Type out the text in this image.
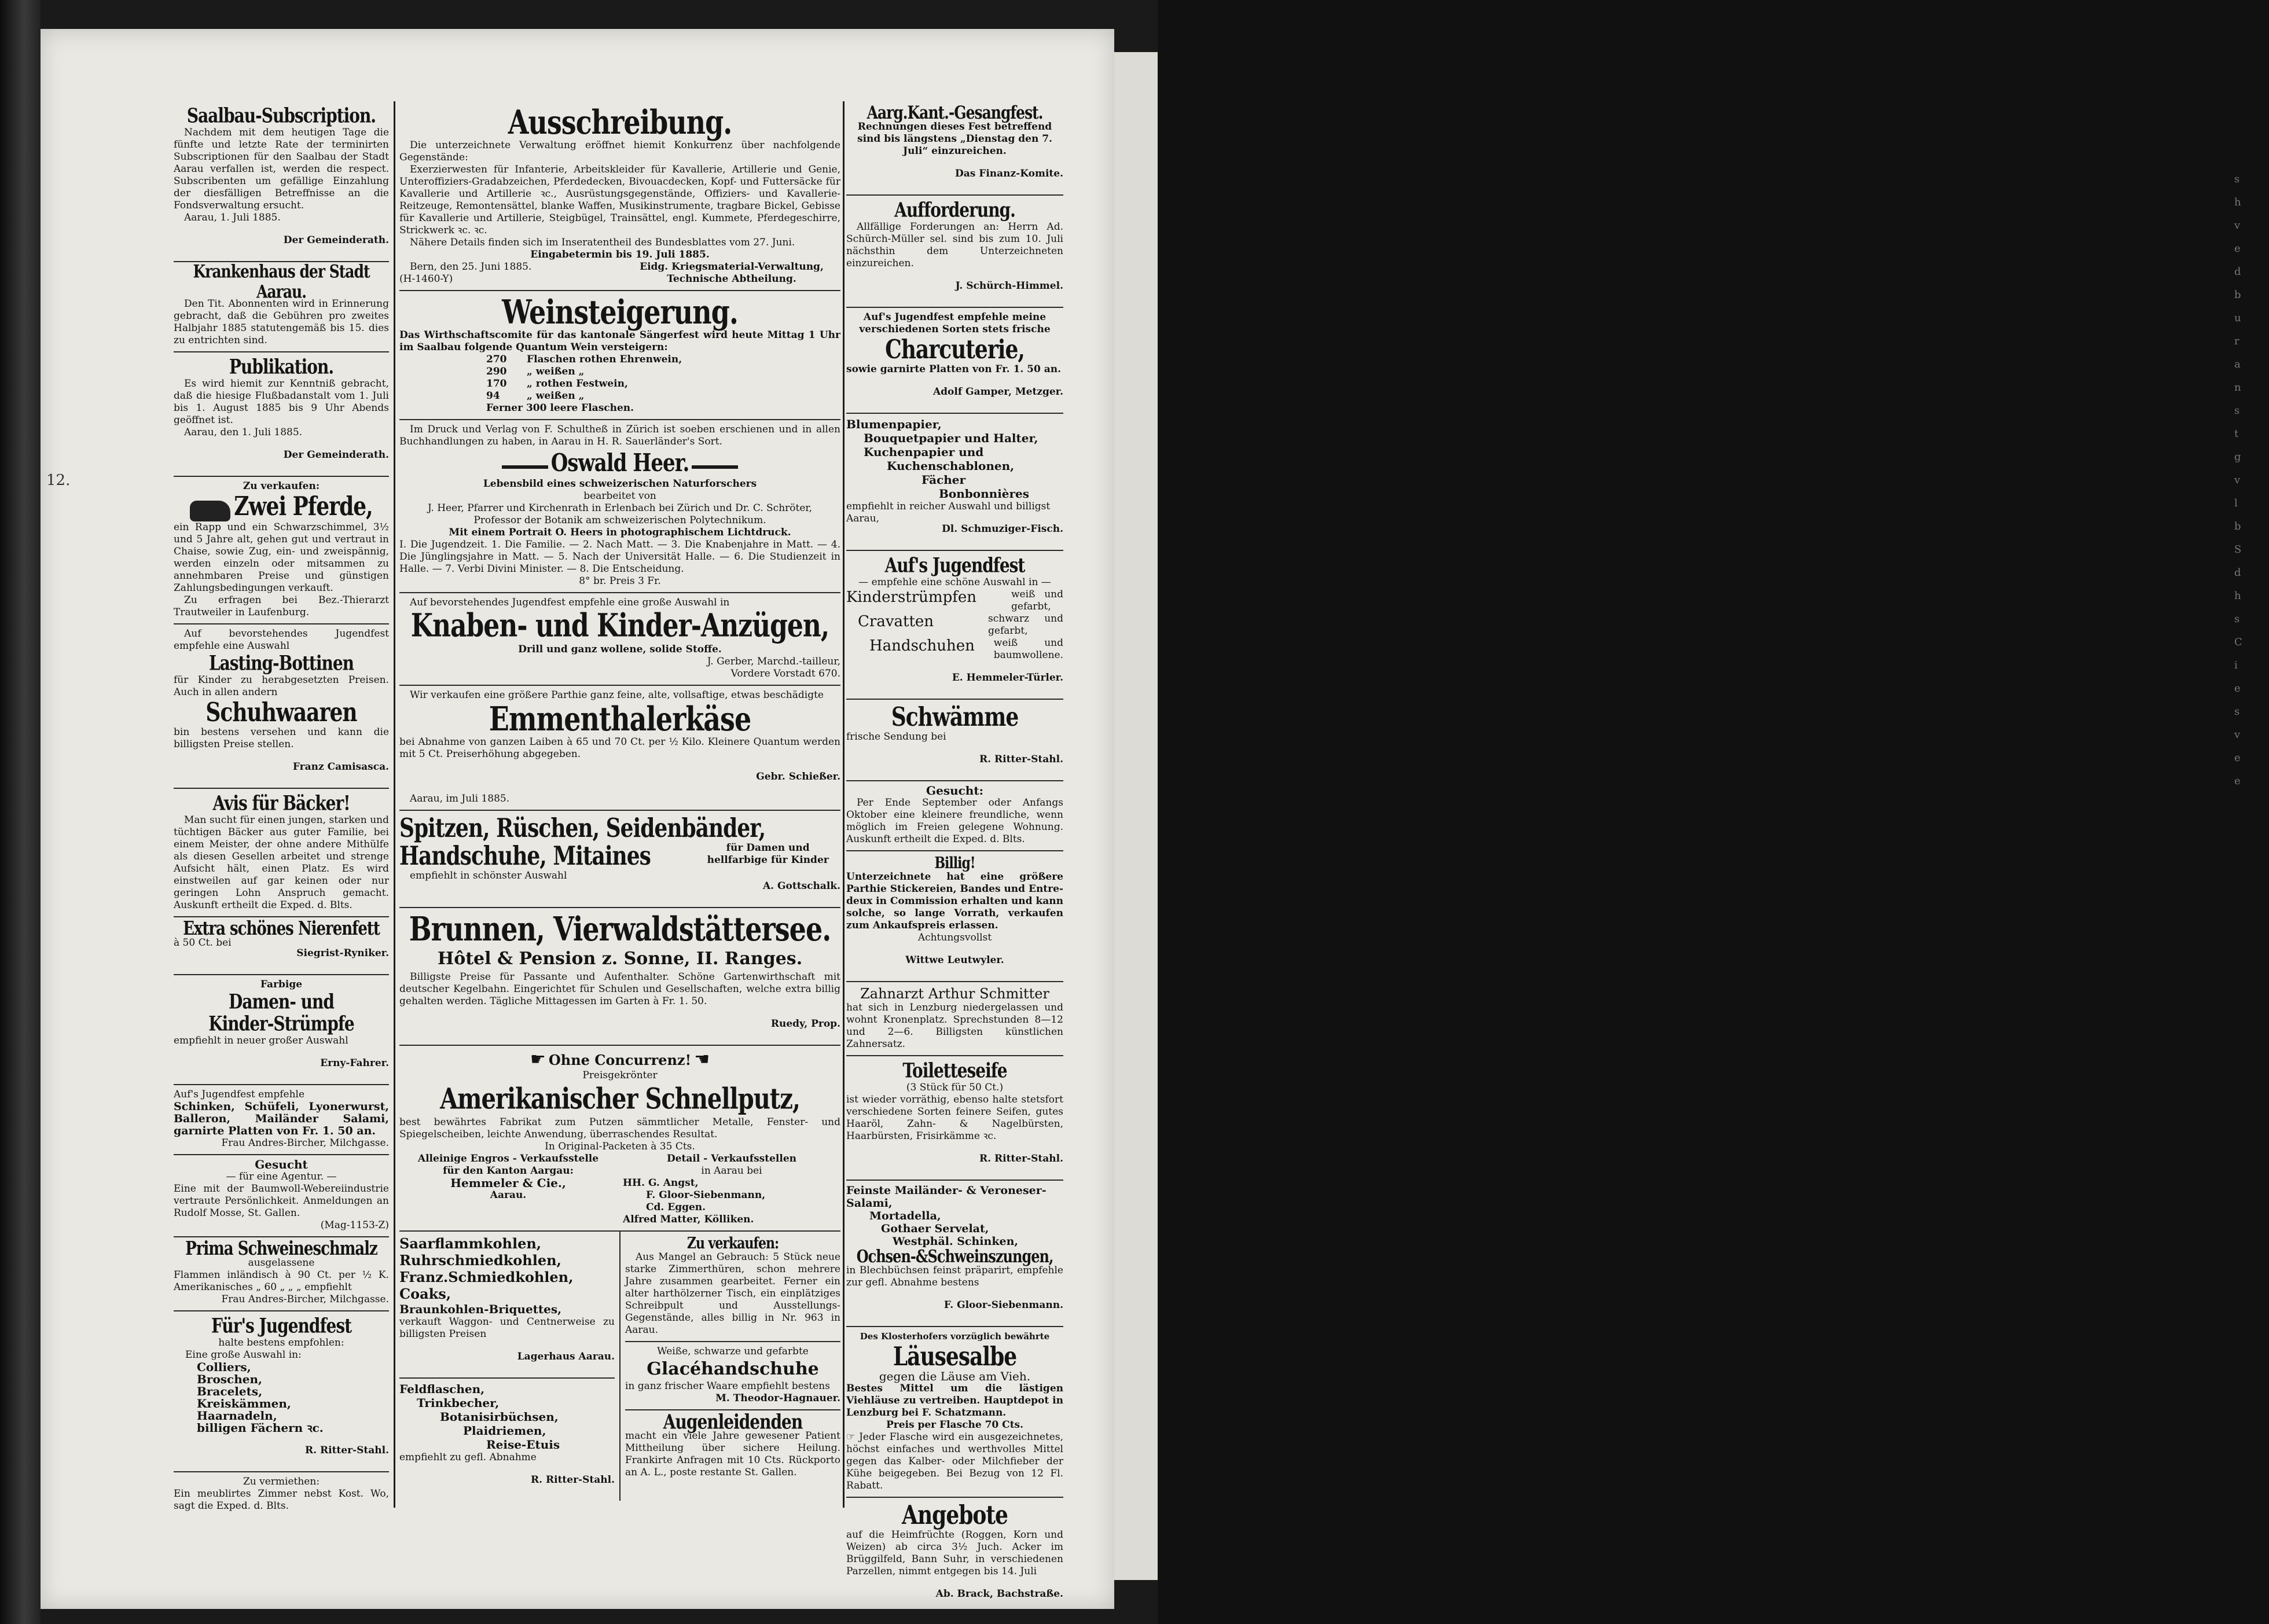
s
h
v
e
d
b
u
r
a
n
s
t
g
v
l
b
S
d
h
s
C
i
e
s
v
e
e
12.
Saalbau-Subscription.

Nachdem mit dem heutigen Tage die fünfte und letzte Rate der terminirten Subscriptionen für den Saalbau der Stadt Aarau verfallen ist, werden die respect. Subscribenten um gefällige Einzahlung der diesfälligen Betreffnisse an die Fondsverwaltung ersucht.

Aarau, 1. Juli 1885.

Der Gemeinderath.

Krankenhaus der Stadt Aarau.

Den Tit. Abonnenten wird in Erinnerung gebracht, daß die Gebühren pro zweites Halbjahr 1885 statutengemäß bis 15. dies zu entrichten sind.

Publikation.

Es wird hiemit zur Kenntniß gebracht, daß die hiesige Flußbadanstalt vom 1. Juli bis 1. August 1885 bis 9 Uhr Abends geöffnet ist.

Aarau, den 1. Juli 1885.

Der Gemeinderath.

Zu verkaufen:

Zwei Pferde,

ein Rapp und ein Schwarzschimmel, 3½ und 5 Jahre alt, gehen gut und vertraut in Chaise, sowie Zug, ein- und zweispännig, werden einzeln oder mitsammen zu annehmbaren Preise und günstigen Zahlungsbedingungen verkauft.

Zu erfragen bei Bez.-Thierarzt Trautweiler in Laufenburg.

Auf bevorstehendes Jugendfest empfehle eine Auswahl

Lasting-Bottinen

für Kinder zu herabgesetzten Preisen. Auch in allen andern

Schuhwaaren

bin bestens versehen und kann die billigsten Preise stellen.

Franz Camisasca.

Avis für Bäcker!

Man sucht für einen jungen, starken und tüchtigen Bäcker aus guter Familie, bei einem Meister, der ohne andere Mithülfe als diesen Gesellen arbeitet und strenge Aufsicht hält, einen Platz. Es wird einstweilen auf gar keinen oder nur geringen Lohn Anspruch gemacht. Auskunft ertheilt die Exped. d. Blts.

Extra schönes Nierenfett

à 50 Ct. bei

Siegrist-Ryniker.

Farbige

Damen- und
Kinder-Strümpfe

empfiehlt in neuer großer Auswahl

Erny-Fahrer.

Auf's Jugendfest empfehle

Schinken, Schüfeli, Lyonerwurst, Balleron, Mailänder Salami, garnirte Platten von Fr. 1. 50 an.

Frau Andres-Bircher, Milchgasse.

Gesucht

— für eine Agentur. —

Eine mit der Baumwoll-Webereiindustrie vertraute Persönlichkeit. Anmeldungen an Rudolf Mosse, St. Gallen.

(Mag-1153-Z)

Prima Schweineschmalz

ausgelassene

Flammen inländisch à 90 Ct. per ½ K. Amerikanisches „ 60 „ „ „ empfiehlt

Frau Andres-Bircher, Milchgasse.

Für's Jugendfest

halte bestens empfohlen:

Eine große Auswahl in:

Colliers,

Broschen,

Bracelets,

Kreiskämmen,

Haarnadeln,

billigen Fächern ꝛc.

R. Ritter-Stahl.

Zu vermiethen:

Ein meublirtes Zimmer nebst Kost. Wo, sagt die Exped. d. Blts.

Ausschreibung.

Die unterzeichnete Verwaltung eröffnet hiemit Konkurrenz über nachfolgende Gegenstände:

Exerzierwesten für Infanterie, Arbeitskleider für Kavallerie, Artillerie und Genie, Unteroffiziers-Gradabzeichen, Pferdedecken, Bivouacdecken, Kopf- und Futtersäcke für Kavallerie und Artillerie ꝛc., Ausrüstungsgegenstände, Offiziers- und Kavallerie-Reitzeuge, Remontensättel, blanke Waffen, Musikinstrumente, tragbare Bickel, Gebisse für Kavallerie und Artillerie, Steigbügel, Trainsättel, engl. Kummete, Pferdegeschirre, Strickwerk ꝛc. ꝛc.

Nähere Details finden sich im Inseratentheil des Bundesblattes vom 27. Juni.

Eingabetermin bis 19. Juli 1885.

Bern, den 25. Juni 1885.

(H-1460-Y)

Eidg. Kriegsmaterial-Verwaltung,

Technische Abtheilung.

Weinsteigerung.

Das Wirthschaftscomite für das kantonale Sängerfest wird heute Mittag 1 Uhr im Saalbau folgende Quantum Wein versteigern:

270	Flaschen rothen Ehrenwein,

290	„ weißen „

170	„ rothen Festwein,

94	„ weißen „

Ferner 300 leere Flaschen.

Im Druck und Verlag von F. Schultheß in Zürich ist soeben erschienen und in allen Buchhandlungen zu haben, in Aarau in H. R. Sauerländer's Sort.

Oswald Heer.

Lebensbild eines schweizerischen Naturforschers

bearbeitet von

J. Heer, Pfarrer und Kirchenrath in Erlenbach bei Zürich und Dr. C. Schröter,

Professor der Botanik am schweizerischen Polytechnikum.

Mit einem Portrait O. Heers in photographischem Lichtdruck.

I. Die Jugendzeit. 1. Die Familie. — 2. Nach Matt. — 3. Die Knabenjahre in Matt. — 4. Die Jünglingsjahre in Matt. — 5. Nach der Universität Halle. — 6. Die Studienzeit in Halle. — 7. Verbi Divini Minister. — 8. Die Entscheidung.

8° br. Preis 3 Fr.

Auf bevorstehendes Jugendfest empfehle eine große Auswahl in

Knaben- und Kinder-Anzügen,

Drill und ganz wollene, solide Stoffe.

J. Gerber, Marchd.-tailleur,

Vordere Vorstadt 670.

Wir verkaufen eine größere Parthie ganz feine, alte, vollsaftige, etwas beschädigte

Emmenthalerkäse

bei Abnahme von ganzen Laiben à 65 und 70 Ct. per ½ Kilo. Kleinere Quantum werden mit 5 Ct. Preiserhöhung abgegeben.

Gebr. Schießer.

Aarau, im Juli 1885.

Spitzen, Rüschen, Seidenbänder,
Handschuhe, Mitaines	für Damen und hellfarbige für Kinder

empfiehlt in schönster Auswahl

A. Gottschalk.

Brunnen, Vierwaldstättersee.

Hôtel & Pension z. Sonne, II. Ranges.

Billigste Preise für Passante und Aufenthalter. Schöne Gartenwirthschaft mit deutscher Kegelbahn. Eingerichtet für Schulen und Gesellschaften, welche extra billig gehalten werden. Tägliche Mittagessen im Garten à Fr. 1. 50.

Ruedy, Prop.

☛ Ohne Concurrenz! ☚

Preisgekrönter

Amerikanischer Schnellputz,

best bewährtes Fabrikat zum Putzen sämmtlicher Metalle, Fenster- und Spiegelscheiben, leichte Anwendung, überraschendes Resultat.

In Original-Packeten à 35 Cts.

Alleinige Engros - Verkaufsstelle

für den Kanton Aargau:

Hemmeler & Cie.,

Aarau.

Detail - Verkaufsstellen

in Aarau bei

HH. G. Angst,

F. Gloor-Siebenmann,

Cd. Eggen.

Alfred Matter, Kölliken.

Saarflammkohlen,

Ruhrschmiedkohlen,

Franz.Schmiedkohlen,

Coaks,

Braunkohlen-Briquettes,

verkauft Waggon- und Centnerweise zu billigsten Preisen

Lagerhaus Aarau.

Feldflaschen,

Trinkbecher,

Botanisirbüchsen,

Plaidriemen,

Reise-Etuis

empfiehlt zu gefl. Abnahme

R. Ritter-Stahl.

Zu verkaufen:

Aus Mangel an Gebrauch: 5 Stück neue starke Zimmerthüren, schon mehrere Jahre zusammen gearbeitet. Ferner ein alter harthölzerner Tisch, ein einplätziges Schreibpult und Ausstellungs-Gegenstände, alles billig in Nr. 963 in Aarau.

Weiße, schwarze und gefarbte

Glacéhandschuhe

in ganz frischer Waare empfiehlt bestens

M. Theodor-Hagnauer.

Augenleidenden

macht ein viele Jahre gewesener Patient Mittheilung über sichere Heilung. Frankirte Anfragen mit 10 Cts. Rückporto an A. L., poste restante St. Gallen.

Aarg.Kant.-Gesangfest.

Rechnungen dieses Fest betreffend sind bis längstens „Dienstag den 7. Juli“ einzureichen.

Das Finanz-Komite.

Aufforderung.

Allfällige Forderungen an: Herrn Ad. Schürch-Müller sel. sind bis zum 10. Juli nächsthin dem Unterzeichneten einzureichen.

J. Schürch-Himmel.

Auf's Jugendfest empfehle meine verschiedenen Sorten stets frische

Charcuterie,

sowie garnirte Platten von Fr. 1. 50 an.

Adolf Gamper, Metzger.

Blumenpapier,

Bouquetpapier und Halter,

Kuchenpapier und

Kuchenschablonen,

Fächer

Bonbonnières

empfiehlt in reicher Auswahl und billigst

Aarau,

Dl. Schmuziger-Fisch.

Auf's Jugendfest

— empfehle eine schöne Auswahl in —

Kinderstrümpfen	weiß und gefarbt,

Cravatten	schwarz und gefarbt,

Handschuhen weiß und baumwollene.

E. Hemmeler-Türler.

Schwämme

frische Sendung bei

R. Ritter-Stahl.

Gesucht:

Per Ende September oder Anfangs Oktober eine kleinere freundliche, wenn möglich im Freien gelegene Wohnung. Auskunft ertheilt die Exped. d. Blts.

Billig!

Unterzeichnete hat eine größere Parthie Stickereien, Bandes und Entre-deux in Commission erhalten und kann solche, so lange Vorrath, verkaufen zum Ankaufspreis erlassen.

Achtungsvollst

Wittwe Leutwyler.

Zahnarzt Arthur Schmitter

hat sich in Lenzburg niedergelassen und wohnt Kronenplatz. Sprechstunden 8—12 und 2—6. Billigsten künstlichen Zahnersatz.

Toiletteseife

(3 Stück für 50 Ct.)

ist wieder vorräthig, ebenso halte stetsfort verschiedene Sorten feinere Seifen, gutes Haaröl, Zahn- & Nagelbürsten, Haarbürsten, Frisirkämme ꝛc.

R. Ritter-Stahl.

Feinste Mailänder- & Veroneser-Salami,

Mortadella,

Gothaer Servelat,

Westphäl. Schinken,

Ochsen-&Schweinszungen,

in Blechbüchsen feinst präparirt, empfehle zur gefl. Abnahme bestens

F. Gloor-Siebenmann.

Des Klosterhofers vorzüglich bewährte

Läusesalbe

gegen die Läuse am Vieh.

Bestes Mittel um die lästigen Viehläuse zu vertreiben. Hauptdepot in Lenzburg bei F. Schatzmann.

Preis per Flasche 70 Cts.

☞ Jeder Flasche wird ein ausgezeichnetes, höchst einfaches und werthvolles Mittel gegen das Kalber- oder Milchfieber der Kühe beigegeben. Bei Bezug von 12 Fl. Rabatt.

Angebote

auf die Heimfrüchte (Roggen, Korn und Weizen) ab circa 3½ Juch. Acker im Brüggilfeld, Bann Suhr, in verschiedenen Parzellen, nimmt entgegen bis 14. Juli

Ab. Brack, Bachstraße.
